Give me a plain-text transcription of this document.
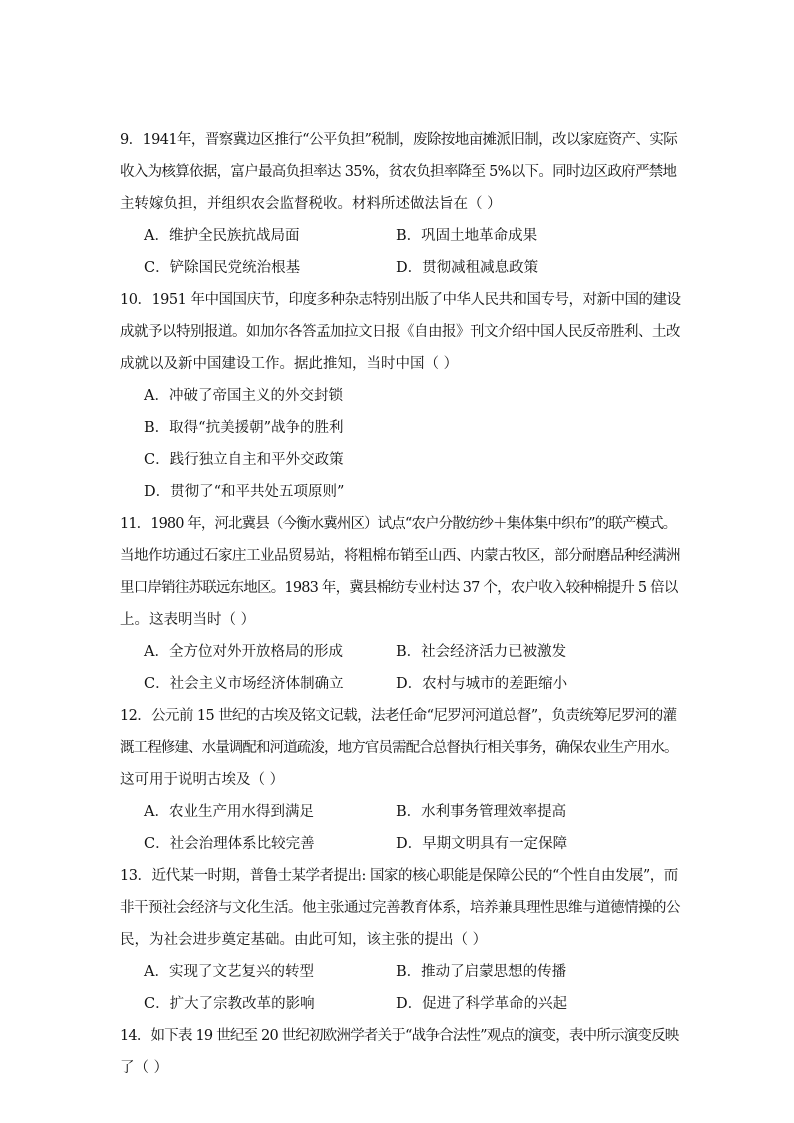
9．1941年，晋察冀边区推行“公平负担”税制，废除按地亩摊派旧制，改以家庭资产、实际
收入为核算依据，富户最高负担率达 35%，贫农负担率降至 5%以下。同时边区政府严禁地
主转嫁负担，并组织农会监督税收。材料所述做法旨在（ ）
A．维护全民族抗战局面	B．巩固土地革命成果
C．铲除国民党统治根基	D．贯彻减租减息政策
10．1951 年中国国庆节，印度多种杂志特别出版了中华人民共和国专号，对新中国的建设
成就予以特别报道。如加尔各答孟加拉文日报《自由报》刊文介绍中国人民反帝胜利、土改
成就以及新中国建设工作。据此推知，当时中国（ ）
A．冲破了帝国主义的外交封锁
B．取得“抗美援朝”战争的胜利
C．践行独立自主和平外交政策
D．贯彻了“和平共处五项原则”
11．1980 年，河北冀县（今衡水冀州区）试点“农户分散纺纱＋集体集中织布”的联产模式。
当地作坊通过石家庄工业品贸易站，将粗棉布销至山西、内蒙古牧区，部分耐磨品种经满洲
里口岸销往苏联远东地区。1983 年，冀县棉纺专业村达 37 个，农户收入较种棉提升 5 倍以
上。这表明当时（ ）
A．全方位对外开放格局的形成	B．社会经济活力已被激发
C．社会主义市场经济体制确立	D．农村与城市的差距缩小
12．公元前 15 世纪的古埃及铭文记载，法老任命“尼罗河河道总督”，负责统筹尼罗河的灌
溉工程修建、水量调配和河道疏浚，地方官员需配合总督执行相关事务，确保农业生产用水。
这可用于说明古埃及（ ）
A．农业生产用水得到满足	B．水利事务管理效率提高
C．社会治理体系比较完善	D．早期文明具有一定保障
13．近代某一时期，普鲁士某学者提出: 国家的核心职能是保障公民的“个性自由发展”，而
非干预社会经济与文化生活。他主张通过完善教育体系，培养兼具理性思维与道德情操的公
民，为社会进步奠定基础。由此可知，该主张的提出（ ）
A．实现了文艺复兴的转型	B．推动了启蒙思想的传播
C．扩大了宗教改革的影响	D．促进了科学革命的兴起
14．如下表 19 世纪至 20 世纪初欧洲学者关于“战争合法性”观点的演变，表中所示演变反映
了（ ）
